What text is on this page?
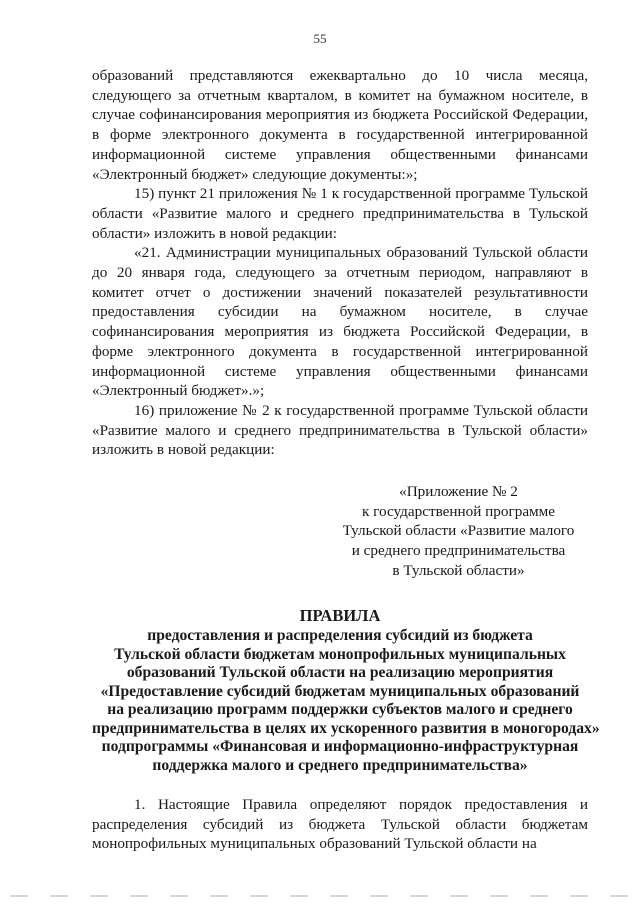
55

образований представляются ежеквартально до 10 числа месяца, следующего за отчетным кварталом, в комитет на бумажном носителе, в случае софинансирования мероприятия из бюджета Российской Федерации, в форме электронного документа в государственной интегрированной информационной системе управления общественными финансами «Электронный бюджет» следующие документы:»;

15) пункт 21 приложения № 1 к государственной программе Тульской области «Развитие малого и среднего предпринимательства в Тульской области» изложить в новой редакции:

«21. Администрации муниципальных образований Тульской области до 20 января года, следующего за отчетным периодом, направляют в комитет отчет о достижении значений показателей результативности предоставления субсидии на бумажном носителе, в случае софинансирования мероприятия из бюджета Российской Федерации, в форме электронного документа в государственной интегрированной информационной системе управления общественными финансами «Электронный бюджет».»;

16) приложение № 2 к государственной программе Тульской области «Развитие малого и среднего предпринимательства в Тульской области» изложить в новой редакции:

«Приложение № 2
к государственной программе
Тульской области «Развитие малого
и среднего предпринимательства
в Тульской области»
ПРАВИЛА
предоставления и распределения субсидий из бюджета
Тульской области бюджетам монопрофильных муниципальных
образований Тульской области на реализацию мероприятия
«Предоставление субсидий бюджетам муниципальных образований
на реализацию программ поддержки субъектов малого и среднего
предпринимательства в целях их ускоренного развития в моногородах»
подпрограммы «Финансовая и информационно-инфраструктурная
поддержка малого и среднего предпринимательства»

1. Настоящие Правила определяют порядок предоставления и распределения субсидий из бюджета Тульской области бюджетам монопрофильных муниципальных образований Тульской области на
